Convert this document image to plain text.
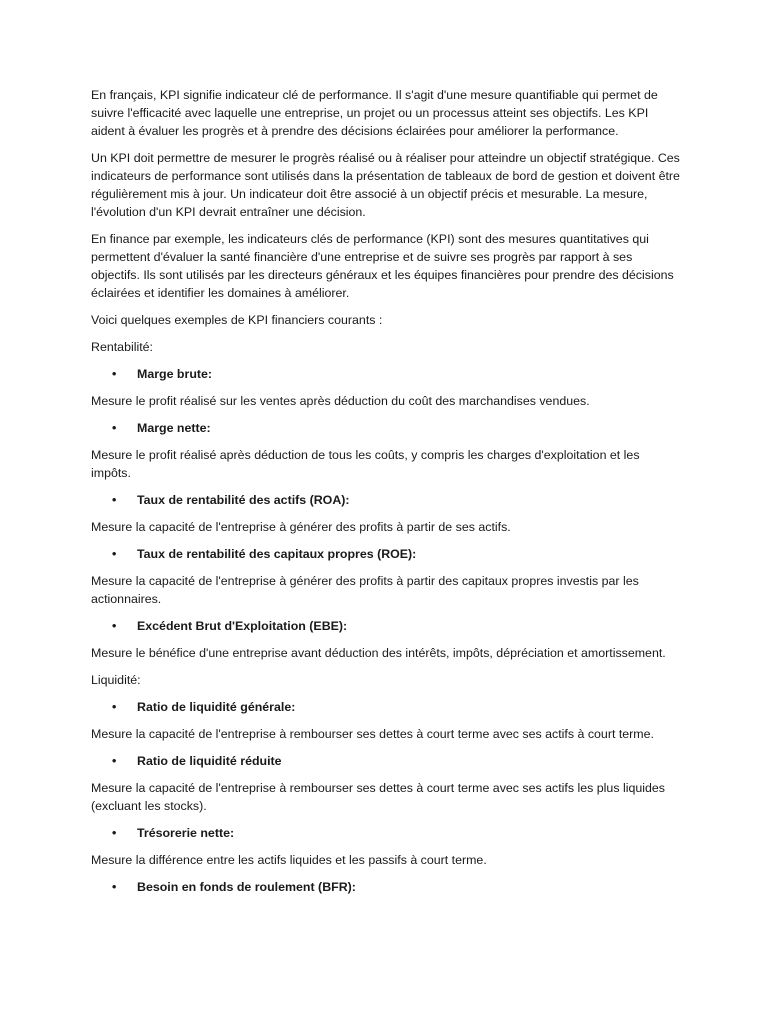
En français, KPI signifie indicateur clé de performance. Il s'agit d'une mesure quantifiable qui permet de suivre l'efficacité avec laquelle une entreprise, un projet ou un processus atteint ses objectifs. Les KPI aident à évaluer les progrès et à prendre des décisions éclairées pour améliorer la performance.

Un KPI doit permettre de mesurer le progrès réalisé ou à réaliser pour atteindre un objectif stratégique. Ces indicateurs de performance sont utilisés dans la présentation de tableaux de bord de gestion et doivent être régulièrement mis à jour. Un indicateur doit être associé à un objectif précis et mesurable. La mesure, l'évolution d'un KPI devrait entraîner une décision.

En finance par exemple, les indicateurs clés de performance (KPI) sont des mesures quantitatives qui permettent d'évaluer la santé financière d'une entreprise et de suivre ses progrès par rapport à ses objectifs. Ils sont utilisés par les directeurs généraux et les équipes financières pour prendre des décisions éclairées et identifier les domaines à améliorer.

Voici quelques exemples de KPI financiers courants :

Rentabilité:

• Marge brute:

Mesure le profit réalisé sur les ventes après déduction du coût des marchandises vendues.

• Marge nette:

Mesure le profit réalisé après déduction de tous les coûts, y compris les charges d'exploitation et les impôts.

• Taux de rentabilité des actifs (ROA):

Mesure la capacité de l'entreprise à générer des profits à partir de ses actifs.

• Taux de rentabilité des capitaux propres (ROE):

Mesure la capacité de l'entreprise à générer des profits à partir des capitaux propres investis par les actionnaires.

• Excédent Brut d'Exploitation (EBE):

Mesure le bénéfice d'une entreprise avant déduction des intérêts, impôts, dépréciation et amortissement.

Liquidité:

• Ratio de liquidité générale:

Mesure la capacité de l'entreprise à rembourser ses dettes à court terme avec ses actifs à court terme.

• Ratio de liquidité réduite

Mesure la capacité de l'entreprise à rembourser ses dettes à court terme avec ses actifs les plus liquides (excluant les stocks).

• Trésorerie nette:

Mesure la différence entre les actifs liquides et les passifs à court terme.

• Besoin en fonds de roulement (BFR):
